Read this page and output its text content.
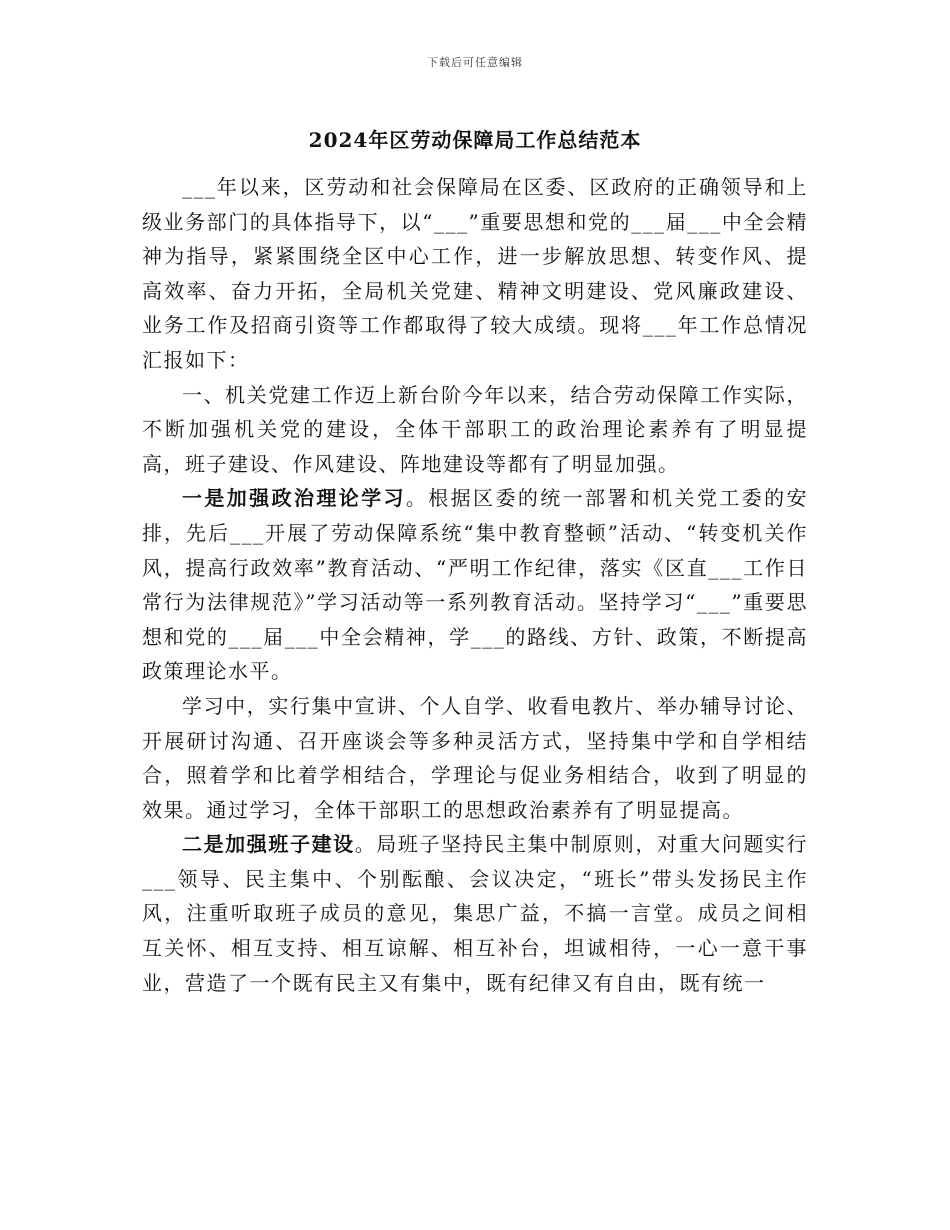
下载后可任意编辑
2024年区劳动保障局工作总结范本

___年以来，区劳动和社会保障局在区委、区政府的正确领导和上级业务部门的具体指导下，以“___”重要思想和党的___届___中全会精神为指导，紧紧围绕全区中心工作，进一步解放思想、转变作风、提高效率、奋力开拓，全局机关党建、精神文明建设、党风廉政建设、业务工作及招商引资等工作都取得了较大成绩。现将___年工作总情况汇报如下：

一、机关党建工作迈上新台阶今年以来，结合劳动保障工作实际，不断加强机关党的建设，全体干部职工的政治理论素养有了明显提高，班子建设、作风建设、阵地建设等都有了明显加强。

一是加强政治理论学习。根据区委的统一部署和机关党工委的安排，先后___开展了劳动保障系统“集中教育整顿”活动、“转变机关作风，提高行政效率”教育活动、“严明工作纪律，落实《区直___工作日常行为法律规范》”学习活动等一系列教育活动。坚持学习“___”重要思想和党的___届___中全会精神，学___的路线、方针、政策，不断提高政策理论水平。

学习中，实行集中宣讲、个人自学、收看电教片、举办辅导讨论、开展研讨沟通、召开座谈会等多种灵活方式，坚持集中学和自学相结合，照着学和比着学相结合，学理论与促业务相结合，收到了明显的效果。通过学习，全体干部职工的思想政治素养有了明显提高。

二是加强班子建设。局班子坚持民主集中制原则，对重大问题实行___领导、民主集中、个别酝酿、会议决定，“班长”带头发扬民主作风，注重听取班子成员的意见，集思广益，不搞一言堂。成员之间相互关怀、相互支持、相互谅解、相互补台，坦诚相待，一心一意干事业，营造了一个既有民主又有集中，既有纪律又有自由，既有统一
